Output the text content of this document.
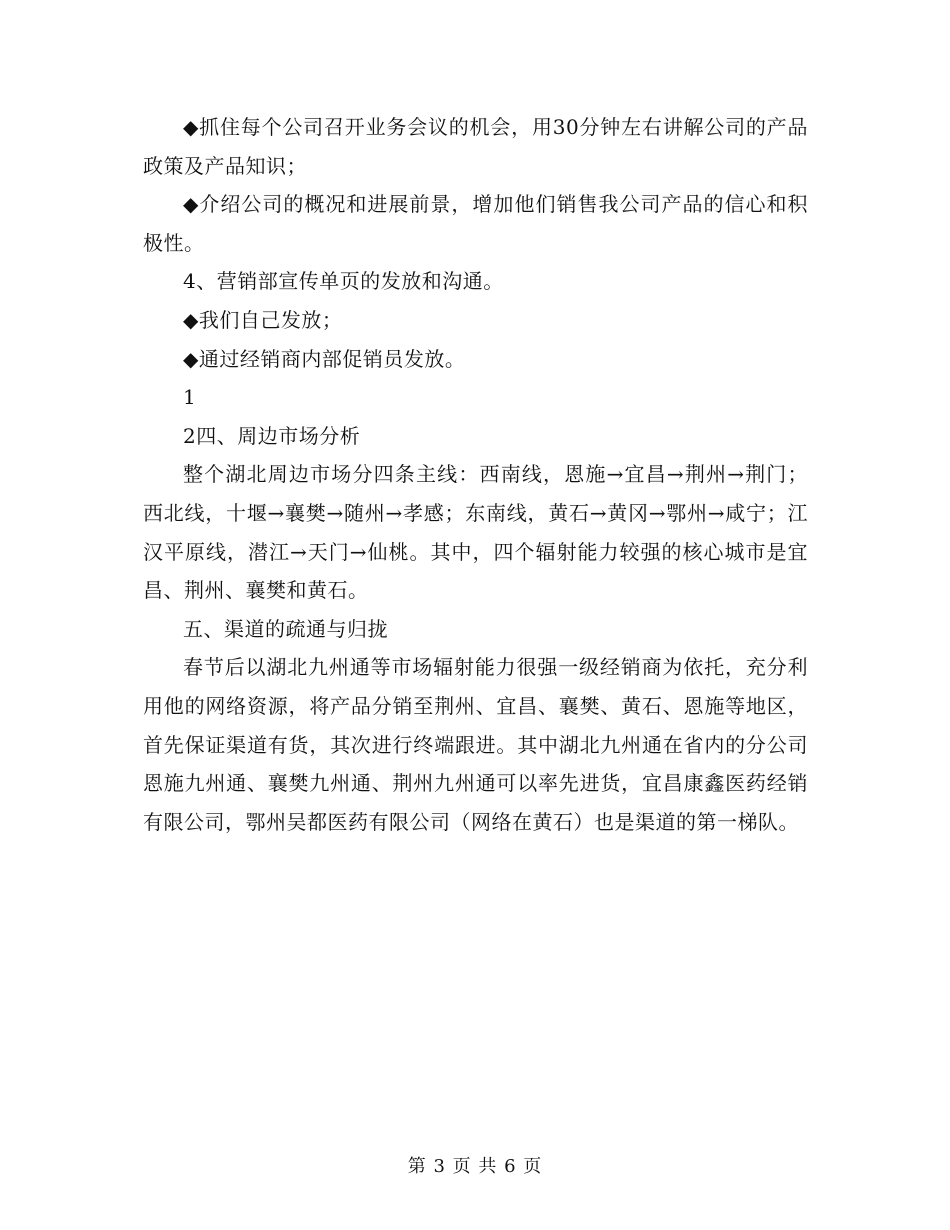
◆抓住每个公司召开业务会议的机会，用30分钟左右讲解公司的产品政策及产品知识；

◆介绍公司的概况和进展前景，增加他们销售我公司产品的信心和积极性。

4、营销部宣传单页的发放和沟通。

◆我们自己发放；

◆通过经销商内部促销员发放。

1

2四、周边市场分析

整个湖北周边市场分四条主线：西南线，恩施→宜昌→荆州→荆门；西北线，十堰→襄樊→随州→孝感；东南线，黄石→黄冈→鄂州→咸宁；江汉平原线，潜江→天门→仙桃。其中，四个辐射能力较强的核心城市是宜昌、荆州、襄樊和黄石。

五、渠道的疏通与归拢

春节后以湖北九州通等市场辐射能力很强一级经销商为依托，充分利用他的网络资源，将产品分销至荆州、宜昌、襄樊、黄石、恩施等地区，首先保证渠道有货，其次进行终端跟进。其中湖北九州通在省内的分公司恩施九州通、襄樊九州通、荆州九州通可以率先进货，宜昌康鑫医药经销有限公司，鄂州吴都医药有限公司（网络在黄石）也是渠道的第一梯队。

第 3 页 共 6 页
